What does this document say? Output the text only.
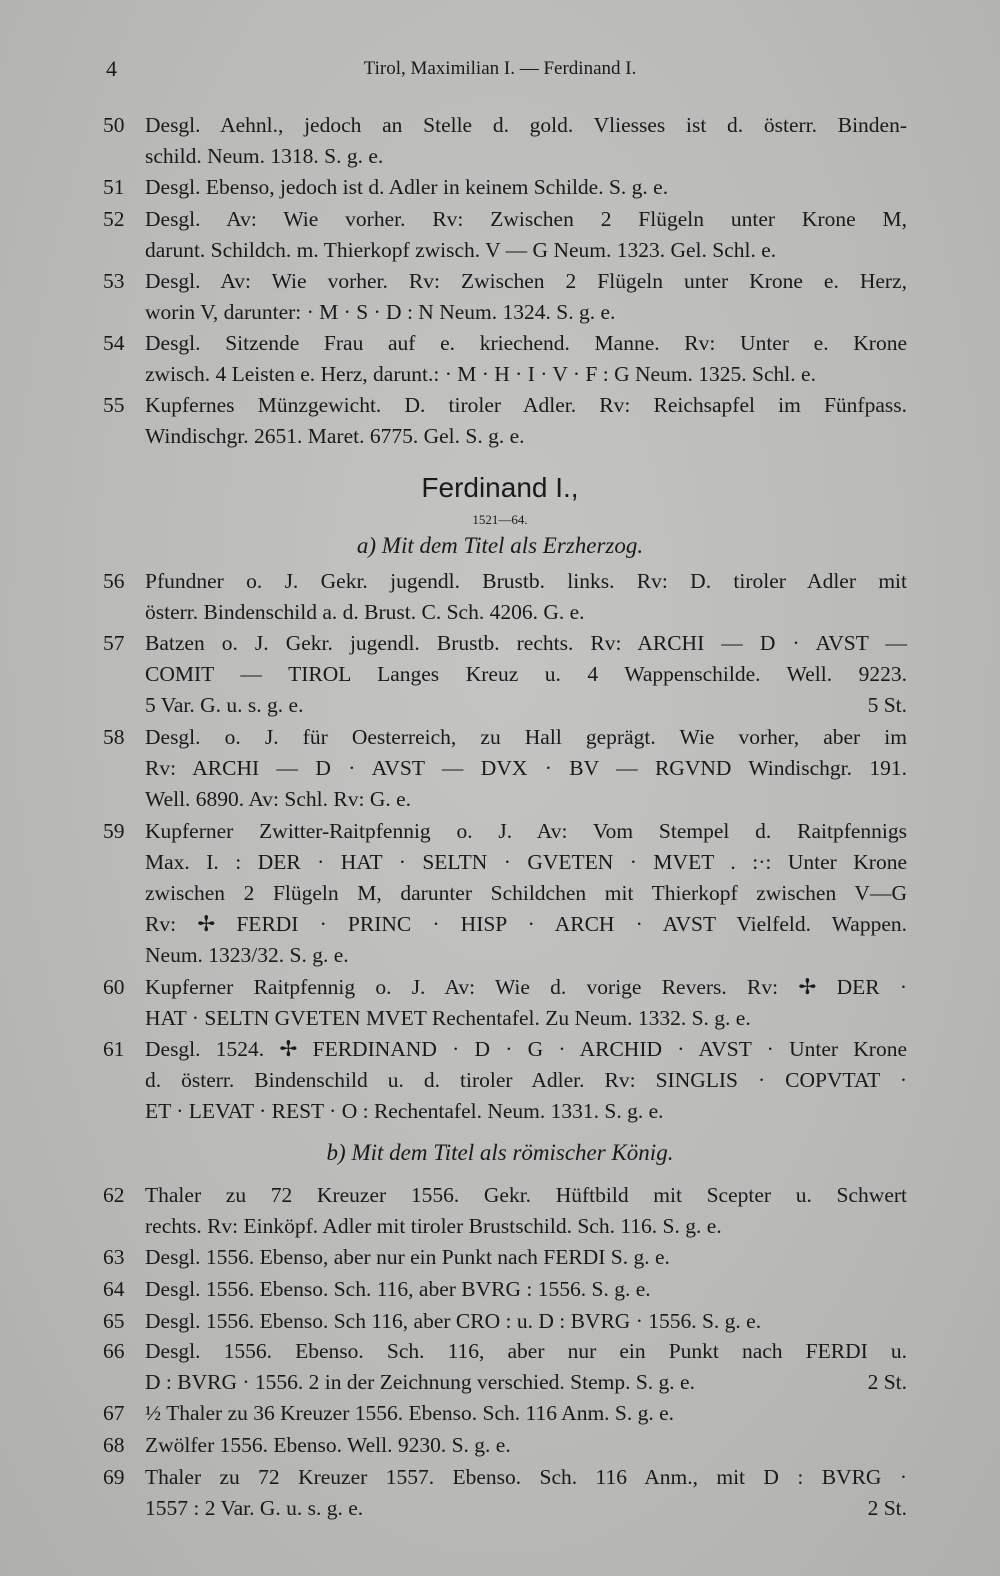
4	Tirol, Maximilian I. — Ferdinand I.
Ferdinand I.,
1521—64.
a) Mit dem Titel als Erzherzog.
b) Mit dem Titel als römischer König.
50 Desgl. Aehnl., jedoch an Stelle d. gold. Vliesses ist d. österr. Binden-
schild. Neum. 1318. S. g. e.
51 Desgl. Ebenso, jedoch ist d. Adler in keinem Schilde. S. g. e.
52 Desgl. Av: Wie vorher. Rv: Zwischen 2 Flügeln unter Krone M,
darunt. Schildch. m. Thierkopf zwisch. V — G Neum. 1323. Gel. Schl. e.
53 Desgl. Av: Wie vorher. Rv: Zwischen 2 Flügeln unter Krone e. Herz,
worin V, darunter: · M · S · D : N Neum. 1324. S. g. e.
54 Desgl. Sitzende Frau auf e. kriechend. Manne. Rv: Unter e. Krone
zwisch. 4 Leisten e. Herz, darunt.: · M · H · I · V · F : G Neum. 1325. Schl. e.
55 Kupfernes Münzgewicht. D. tiroler Adler. Rv: Reichsapfel im Fünfpass.
Windischgr. 2651. Maret. 6775. Gel. S. g. e.
56 Pfundner o. J. Gekr. jugendl. Brustb. links. Rv: D. tiroler Adler mit
österr. Bindenschild a. d. Brust. C. Sch. 4206. G. e.
57 Batzen o. J. Gekr. jugendl. Brustb. rechts. Rv: ARCHI — D · AVST —
COMIT — TIROL Langes Kreuz u. 4 Wappenschilde. Well. 9223.
5 Var. G. u. s. g. e.	5 St.
58 Desgl. o. J. für Oesterreich, zu Hall geprägt. Wie vorher, aber im
Rv: ARCHI — D · AVST — DVX · BV — RGVND Windischgr. 191.
Well. 6890. Av: Schl. Rv: G. e.
59 Kupferner Zwitter-Raitpfennig o. J. Av: Vom Stempel d. Raitpfennigs
Max. I. : DER · HAT · SELTN · GVETEN · MVET . :·: Unter Krone
zwischen 2 Flügeln M, darunter Schildchen mit Thierkopf zwischen V—G
Rv: ✢ FERDI · PRINC · HISP · ARCH · AVST Vielfeld. Wappen.
Neum. 1323/32. S. g. e.
60 Kupferner Raitpfennig o. J. Av: Wie d. vorige Revers. Rv: ✢ DER ·
HAT · SELTN GVETEN MVET Rechentafel. Zu Neum. 1332. S. g. e.
61 Desgl. 1524. ✢ FERDINAND · D · G · ARCHID · AVST · Unter Krone
d. österr. Bindenschild u. d. tiroler Adler. Rv: SINGLIS · COPVTAT ·
ET · LEVAT · REST · O : Rechentafel. Neum. 1331. S. g. e.
62 Thaler zu 72 Kreuzer 1556. Gekr. Hüftbild mit Scepter u. Schwert
rechts. Rv: Einköpf. Adler mit tiroler Brustschild. Sch. 116. S. g. e.
63 Desgl. 1556. Ebenso, aber nur ein Punkt nach FERDI S. g. e.
64 Desgl. 1556. Ebenso. Sch. 116, aber BVRG : 1556. S. g. e.
65 Desgl. 1556. Ebenso. Sch 116, aber CRO : u. D : BVRG · 1556. S. g. e.
66 Desgl. 1556. Ebenso. Sch. 116, aber nur ein Punkt nach FERDI u.
D : BVRG · 1556. 2 in der Zeichnung verschied. Stemp. S. g. e.	2 St.
67 ½ Thaler zu 36 Kreuzer 1556. Ebenso. Sch. 116 Anm. S. g. e.
68 Zwölfer 1556. Ebenso. Well. 9230. S. g. e.
69 Thaler zu 72 Kreuzer 1557. Ebenso. Sch. 116 Anm., mit D : BVRG ·
1557 : 2 Var. G. u. s. g. e.	2 St.
